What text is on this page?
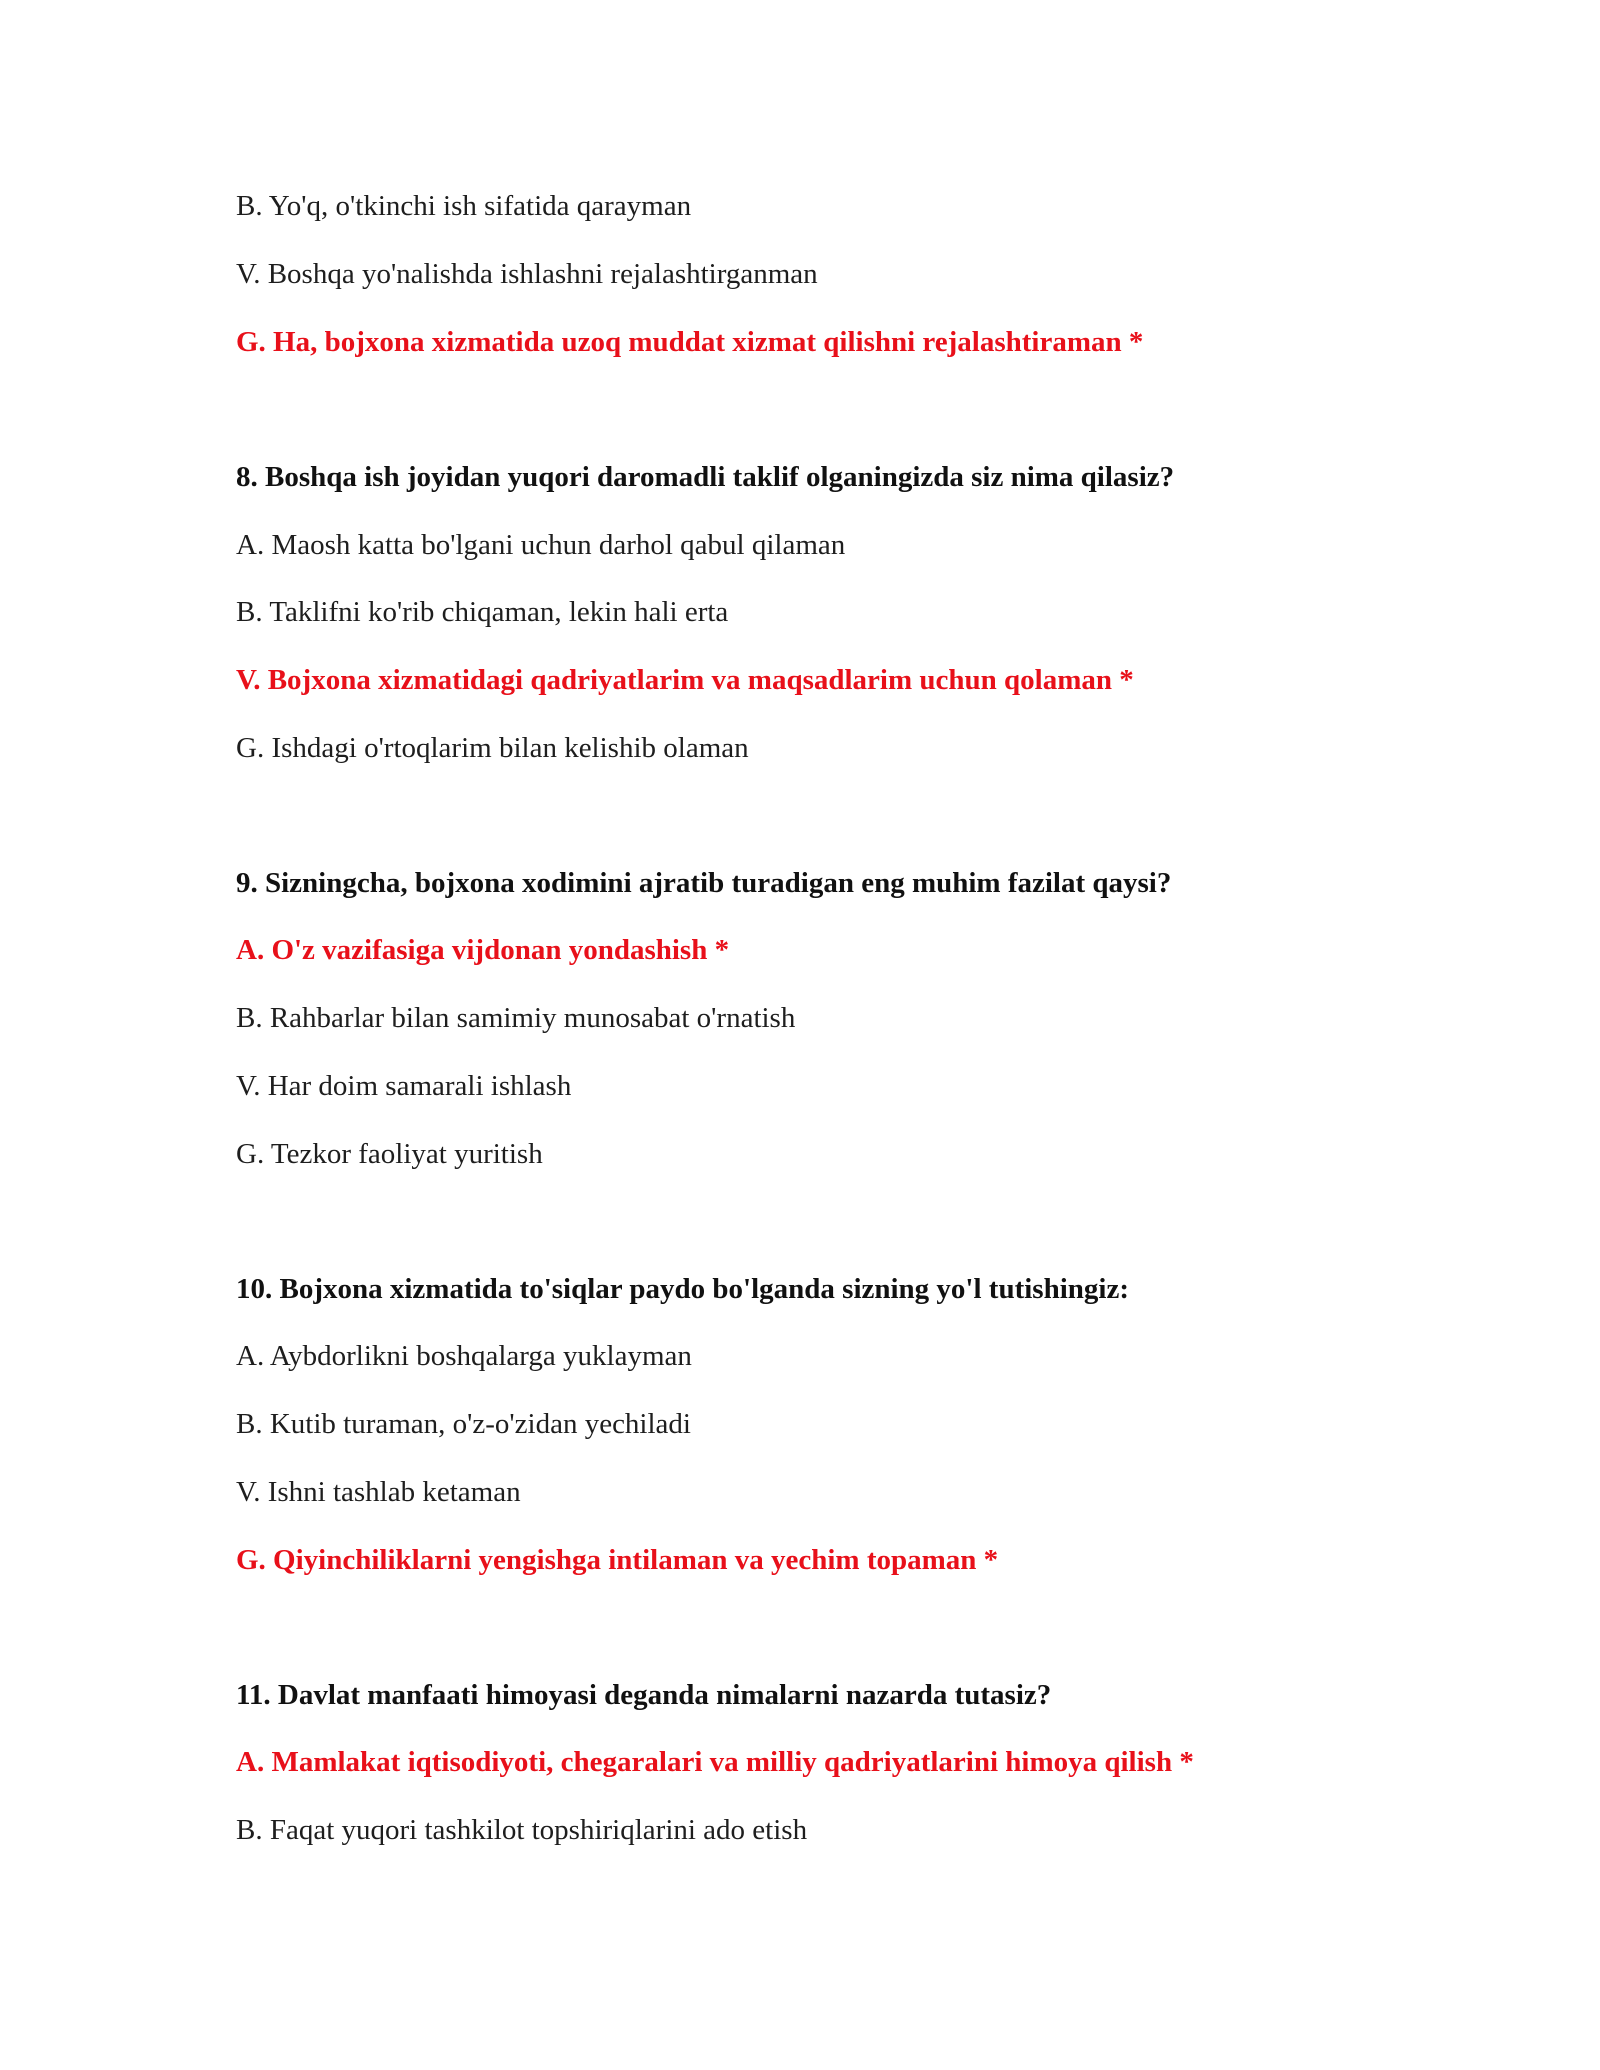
B. Yo'q, o'tkinchi ish sifatida qarayman
V. Boshqa yo'nalishda ishlashni rejalashtirganman
G. Ha, bojxona xizmatida uzoq muddat xizmat qilishni rejalashtiraman *
8. Boshqa ish joyidan yuqori daromadli taklif olganingizda siz nima qilasiz?
A. Maosh katta bo'lgani uchun darhol qabul qilaman
B. Taklifni ko'rib chiqaman, lekin hali erta
V. Bojxona xizmatidagi qadriyatlarim va maqsadlarim uchun qolaman *
G. Ishdagi o'rtoqlarim bilan kelishib olaman
9. Sizningcha, bojxona xodimini ajratib turadigan eng muhim fazilat qaysi?
A. O'z vazifasiga vijdonan yondashish *
B. Rahbarlar bilan samimiy munosabat o'rnatish
V. Har doim samarali ishlash
G. Tezkor faoliyat yuritish
10. Bojxona xizmatida to'siqlar paydo bo'lganda sizning yo'l tutishingiz:
A. Aybdorlikni boshqalarga yuklayman
B. Kutib turaman, o'z-o'zidan yechiladi
V. Ishni tashlab ketaman
G. Qiyinchiliklarni yengishga intilaman va yechim topaman *
11. Davlat manfaati himoyasi deganda nimalarni nazarda tutasiz?
A. Mamlakat iqtisodiyoti, chegaralari va milliy qadriyatlarini himoya qilish *
B. Faqat yuqori tashkilot topshiriqlarini ado etish
